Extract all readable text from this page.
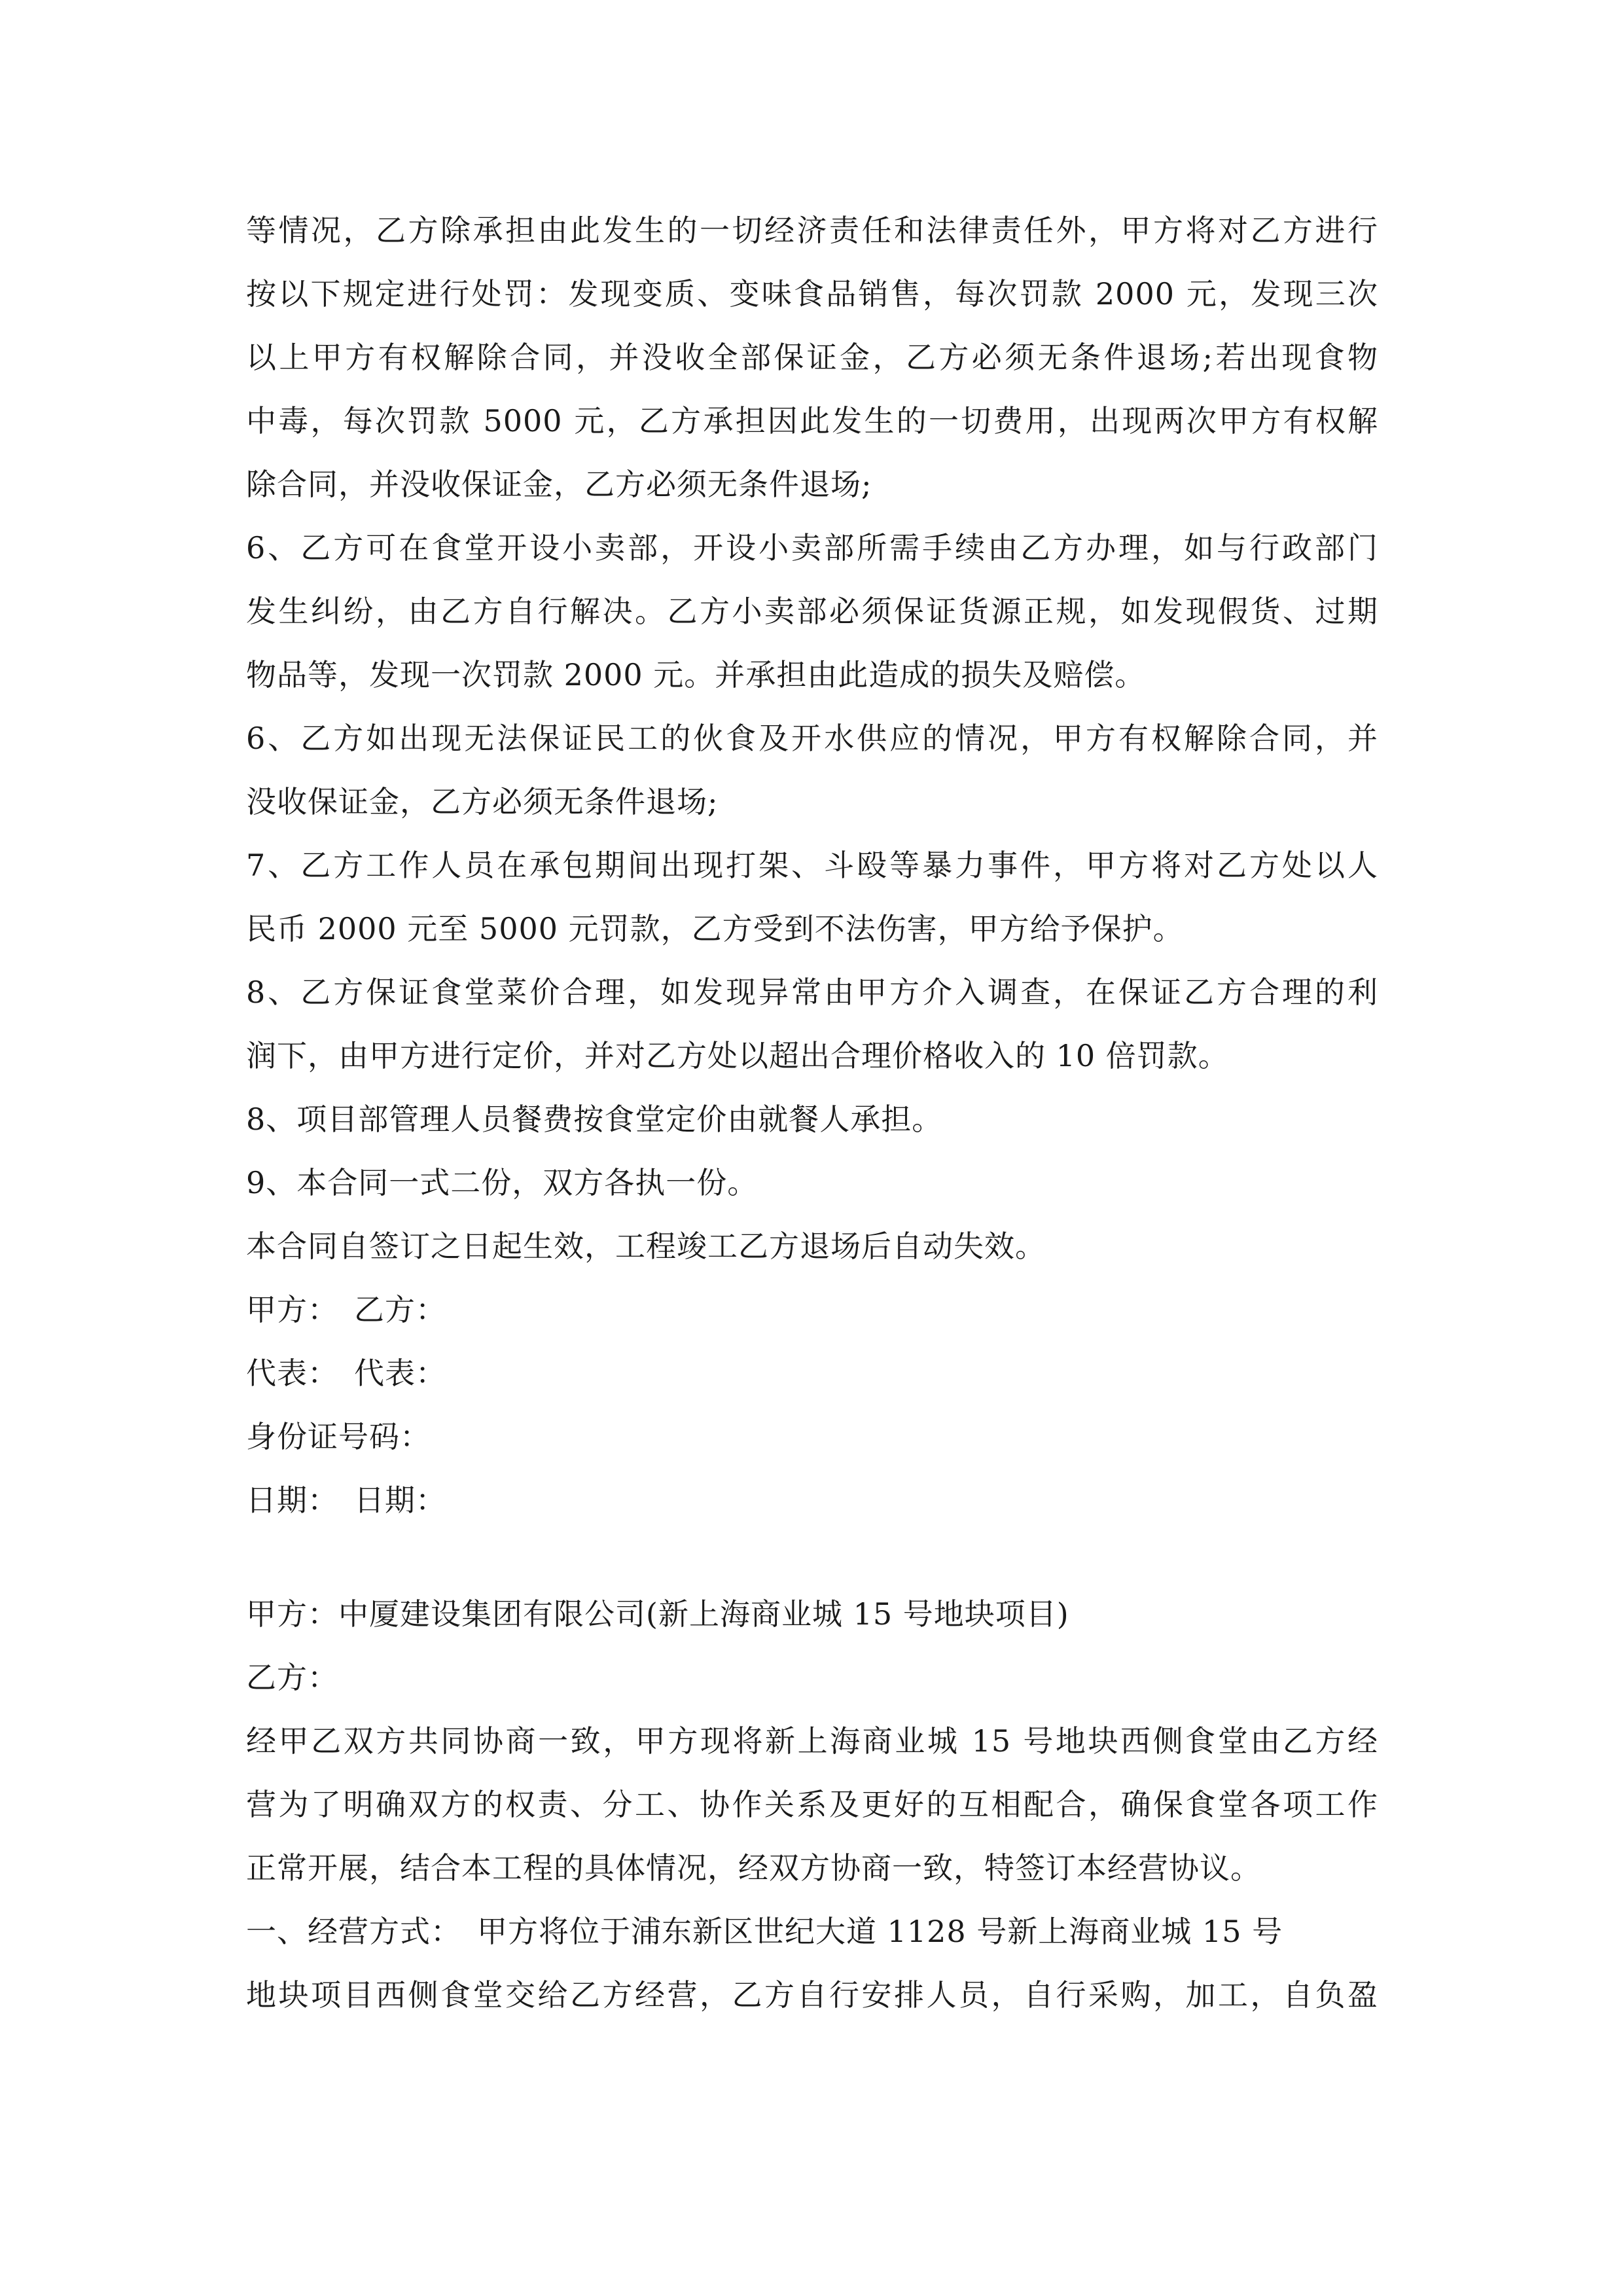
等情况，乙方除承担由此发生的一切经济责任和法律责任外，甲方将对乙方进行
按以下规定进行处罚：发现变质、变味食品销售，每次罚款 2000 元，发现三次
以上甲方有权解除合同，并没收全部保证金，乙方必须无条件退场;若出现食物
中毒，每次罚款 5000 元，乙方承担因此发生的一切费用，出现两次甲方有权解
除合同，并没收保证金，乙方必须无条件退场;
6、乙方可在食堂开设小卖部，开设小卖部所需手续由乙方办理，如与行政部门
发生纠纷，由乙方自行解决。乙方小卖部必须保证货源正规，如发现假货、过期
物品等，发现一次罚款 2000 元。并承担由此造成的损失及赔偿。
6、乙方如出现无法保证民工的伙食及开水供应的情况，甲方有权解除合同，并
没收保证金，乙方必须无条件退场;
7、乙方工作人员在承包期间出现打架、斗殴等暴力事件，甲方将对乙方处以人
民币 2000 元至 5000 元罚款，乙方受到不法伤害，甲方给予保护。
8、乙方保证食堂菜价合理，如发现异常由甲方介入调查，在保证乙方合理的利
润下，由甲方进行定价，并对乙方处以超出合理价格收入的 10 倍罚款。
8、项目部管理人员餐费按食堂定价由就餐人承担。
9、本合同一式二份，双方各执一份。
本合同自签订之日起生效，工程竣工乙方退场后自动失效。
甲方：　乙方：
代表：　代表：
身份证号码：
日期：　日期：
甲方：中厦建设集团有限公司(新上海商业城 15 号地块项目)
乙方：
经甲乙双方共同协商一致，甲方现将新上海商业城 15 号地块西侧食堂由乙方经
营为了明确双方的权责、分工、协作关系及更好的互相配合，确保食堂各项工作
正常开展，结合本工程的具体情况，经双方协商一致，特签订本经营协议。
一、经营方式：　甲方将位于浦东新区世纪大道 1128 号新上海商业城 15 号
地块项目西侧食堂交给乙方经营，乙方自行安排人员，自行采购，加工，自负盈
